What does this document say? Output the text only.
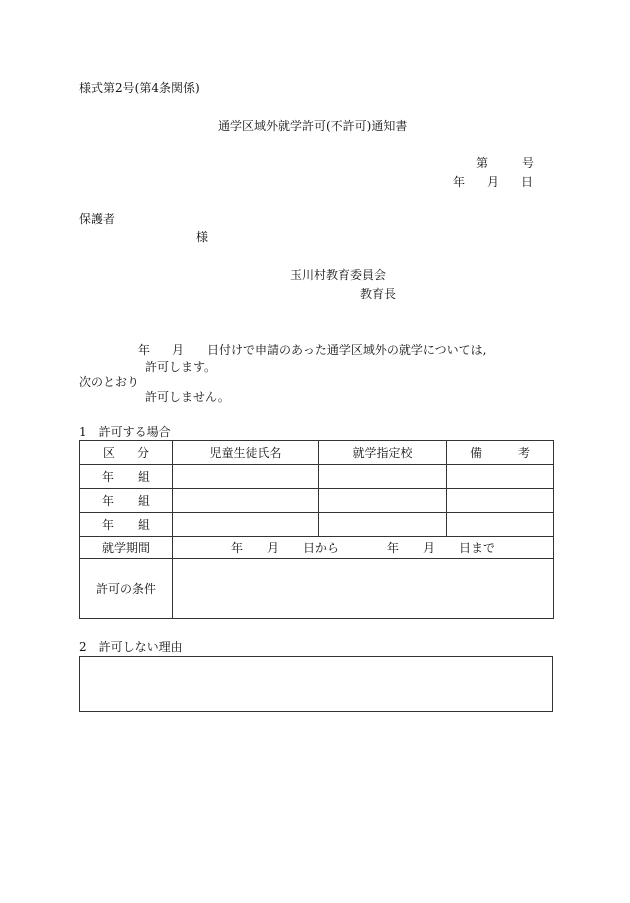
様式第2号(第4条関係)
通学区域外就学許可(不許可)通知書
第	号
年 月 日
保護者
様
玉川村教育委員会
教育長
年 月 日付けで申請のあった通学区域外の就学については,
許可します。
次のとおり
許可しません。
1　許可する場合
区 分	児童生徒氏名	就学指定校	備 考
年 組			
年 組			
年 組			
就学期間	年 月 日から 年 月 日まで		
許可の条件			
2　許可しない理由
